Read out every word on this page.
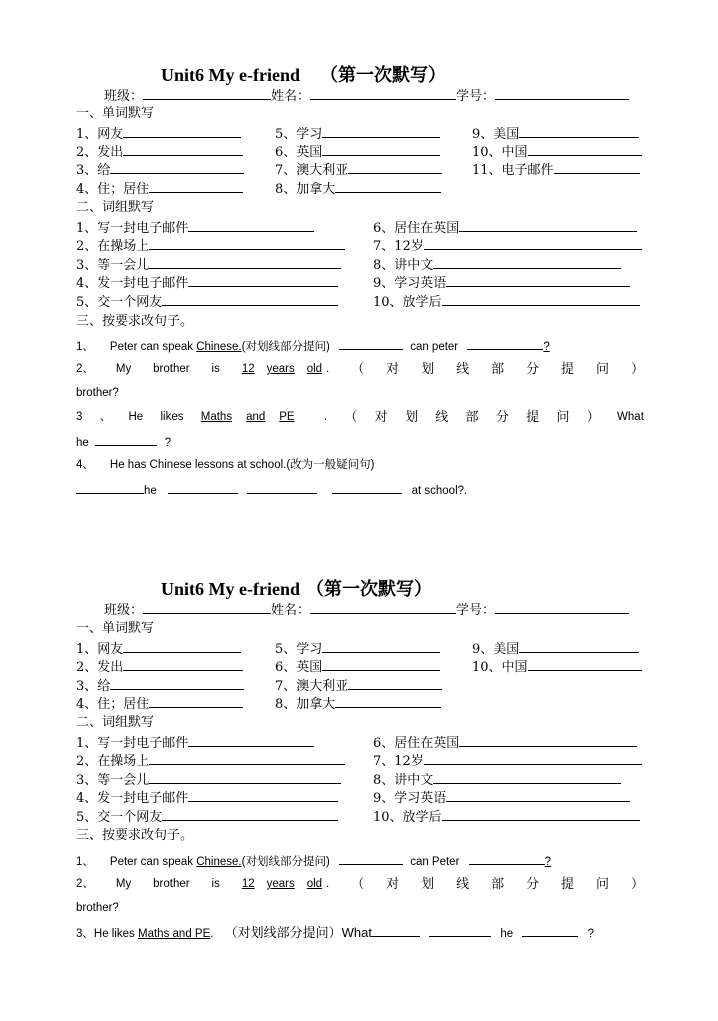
Unit6 My e-friend （第一次默写）
班级：	姓名：	学号：
一、单词默写
1、网友	5、学习	9、美国
2、发出	6、英国	10、中国
3、给	7、澳大利亚	11、电子邮件
4、住；居住	8、加拿大
二、词组默写
1、写一封电子邮件	6、居住在英国
2、在操场上	7、12岁
3、等一会儿	8、讲中文
4、发一封电子邮件	9、学习英语
5、交一个网友	10、放学后
三、按要求改句子。
1、 Peter can speak Chinese.(对划线部分提问)	can peter	?
2、 My brother is 12 years old . （ 对 划 线 部 分 提 问 ）
brother?
3 、 He likes Maths and PE	. （ 对 划 线 部 分 提 问 ） What
he	?
4、 He has Chinese lessons at school.(改为一般疑问句)
he	at school?.
Unit6 My e-friend （第一次默写）
班级：	姓名：	学号：
一、单词默写
1、网友	5、学习	9、美国
2、发出	6、英国	10、中国
3、给	7、澳大利亚
4、住；居住	8、加拿大
二、词组默写
1、写一封电子邮件	6、居住在英国
2、在操场上	7、12岁
3、等一会儿	8、讲中文
4、发一封电子邮件	9、学习英语
5、交一个网友	10、放学后
三、按要求改句子。
1、 Peter can speak Chinese.(对划线部分提问)	can Peter	?
2、 My brother is 12 years old . （ 对 划 线 部 分 提 问 ）
brother?
3、He likes Maths and PE. （对划线部分提问）What	he	?
